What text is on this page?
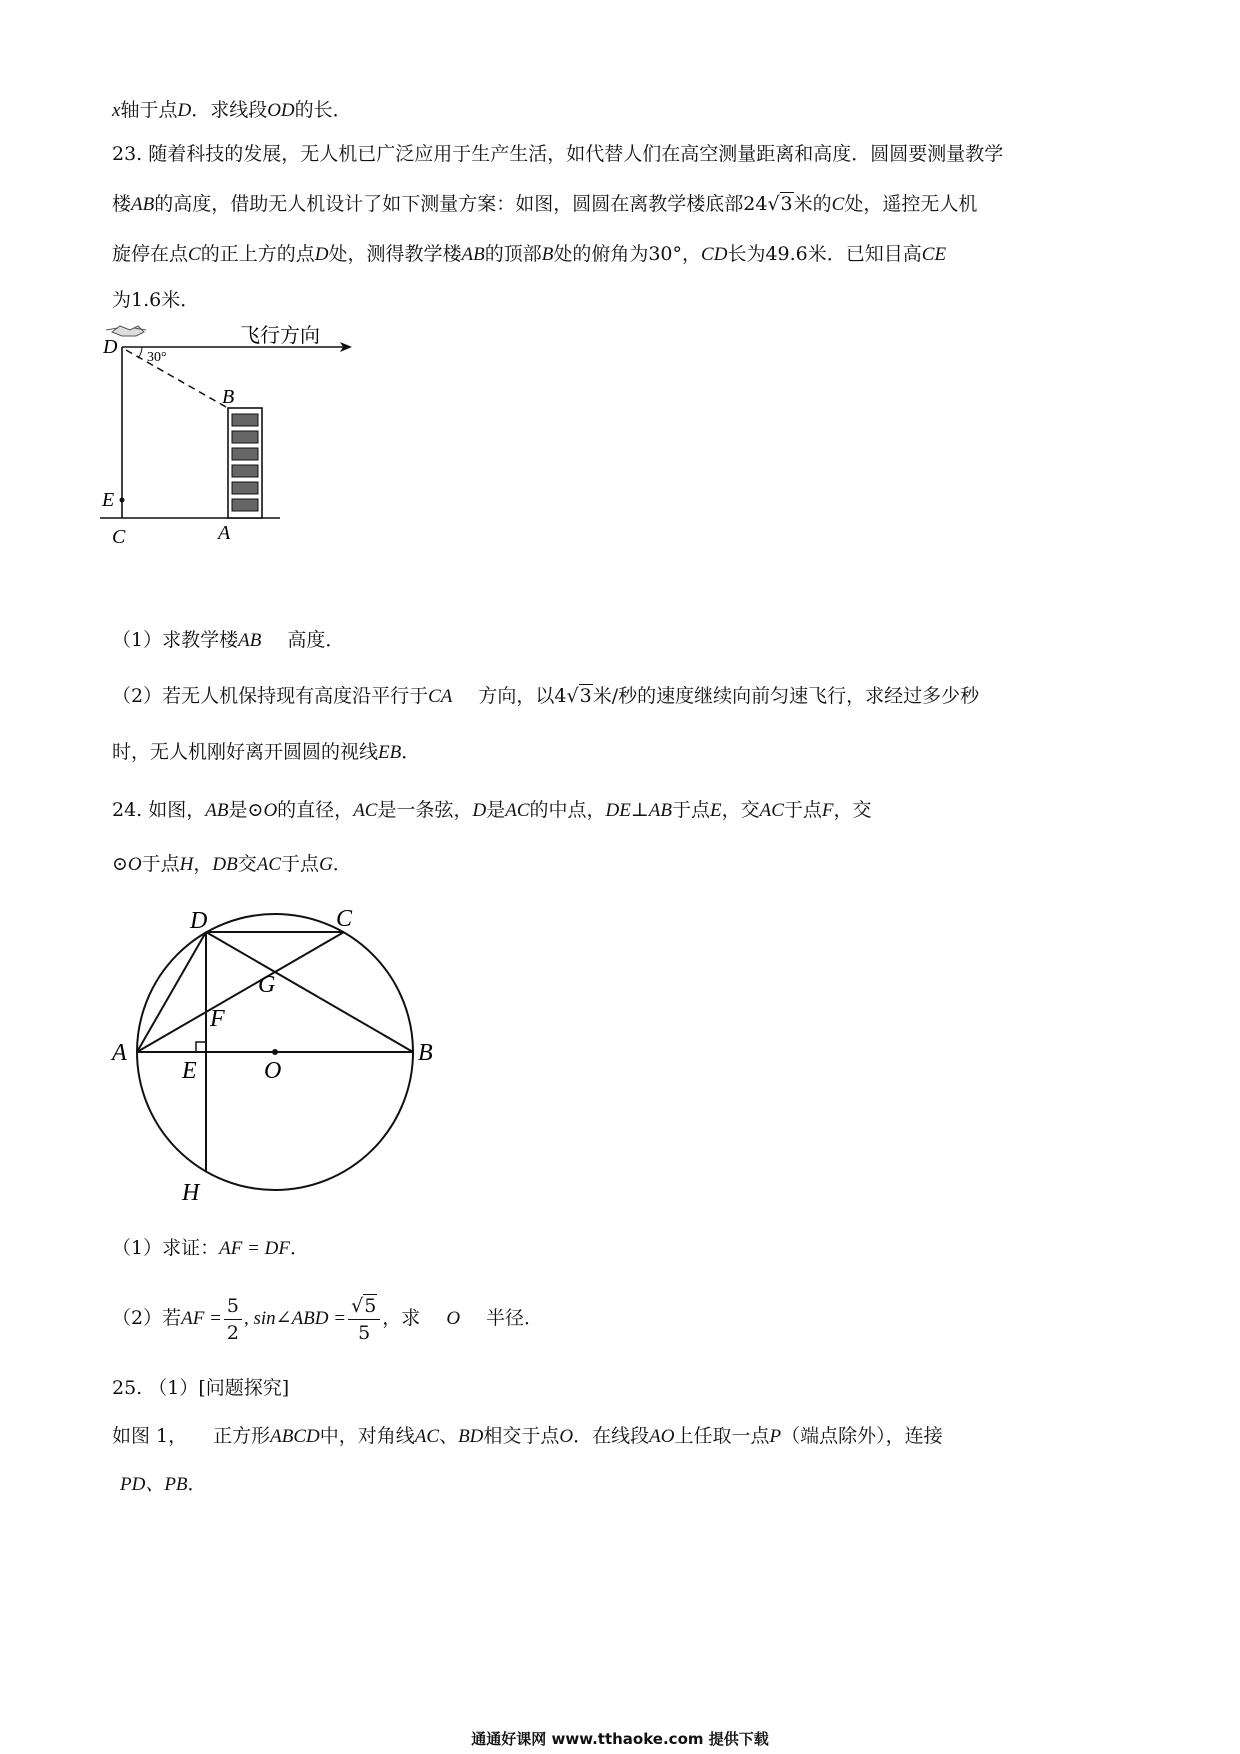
x轴于点D．求线段OD的长．
23. 随着科技的发展，无人机已广泛应用于生产生活，如代替人们在高空测量距离和高度．圆圆要测量教学
楼AB的高度，借助无人机设计了如下测量方案：如图，圆圆在离教学楼底部24√3米的C处，遥控无人机
旋停在点C的正上方的点D处，测得教学楼AB的顶部B处的俯角为30°，CD长为49.6米．已知目高CE
为1.6米．
飞行方向
30°
D
B
E
C	A
（1）求教学楼AB 高度．
（2）若无人机保持现有高度沿平行于CA 方向，以4√3米/秒的速度继续向前匀速飞行，求经过多少秒
时，无人机刚好离开圆圆的视线EB．
24. 如图，AB是⊙O的直径，AC是一条弦，D是AC的中点，DE⊥AB于点E，交AC于点F，交
⊙O于点H，DB交AC于点G．
D	C
G
F
A
E	O
B
H
（1）求证：AF = DF．
（2）若AF = $\frac{5}{2}$ , sin∠ABD = $\frac{√5}{5}$ ，求 O 半径．
25. （1）[问题探究]
如图 1， 正方形ABCD中，对角线AC、BD相交于点O．在线段AO上任取一点P（端点除外），连接
PD、PB．
通通好课网 www.tthaoke.com 提供下载
